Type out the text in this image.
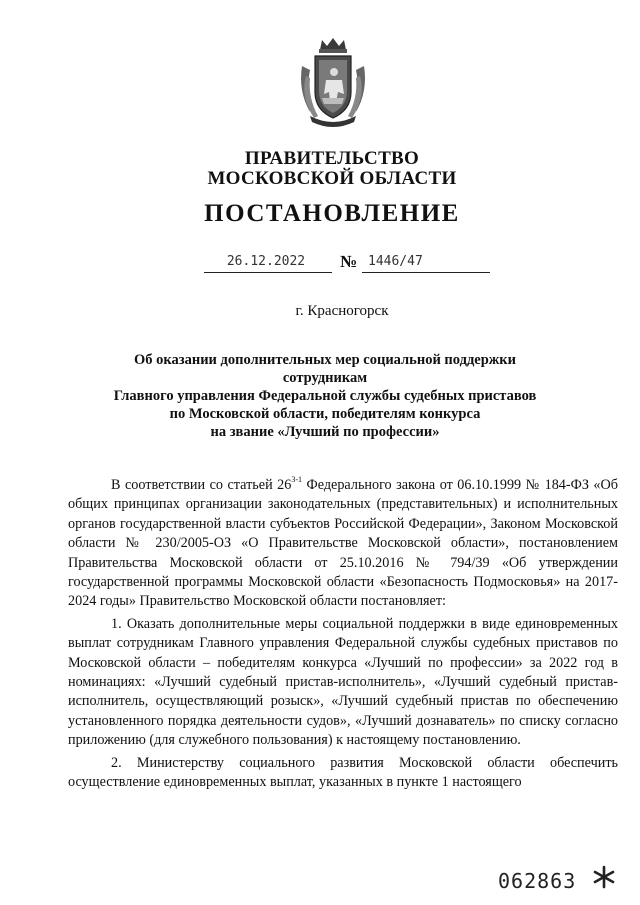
ПРАВИТЕЛЬСТВО
МОСКОВСКОЙ ОБЛАСТИ
ПОСТАНОВЛЕНИЕ
26.12.2022	№ 1446/47
г. Красногорск
Об оказании дополнительных мер социальной поддержки сотрудникам
Главного управления Федеральной службы судебных приставов
по Московской области, победителям конкурса
на звание «Лучший по профессии»

В соответствии со статьей 26$^{3-1}$ Федерального закона от 06.10.1999 № 184-ФЗ «Об общих принципах организации законодательных (представительных) и исполнительных органов государственной власти субъектов Российской Федерации», Законом Московской области № 230/2005-ОЗ «О Правительстве Московской области», постановлением Правительства Московской области от 25.10.2016 № 794/39 «Об утверждении государственной программы Московской области «Безопасность Подмосковья» на 2017-2024 годы» Правительство Московской области постановляет:

1. Оказать дополнительные меры социальной поддержки в виде единовременных выплат сотрудникам Главного управления Федеральной службы судебных приставов по Московской области – победителям конкурса «Лучший по профессии» за 2022 год в номинациях: «Лучший судебный пристав-исполнитель», «Лучший судебный пристав-исполнитель, осуществляющий розыск», «Лучший судебный пристав по обеспечению установленного порядка деятельности судов», «Лучший дознаватель» по списку согласно приложению (для служебного пользования) к настоящему постановлению.

2. Министерству социального развития Московской области обеспечить осуществление единовременных выплат, указанных в пункте 1 настоящего

062863
